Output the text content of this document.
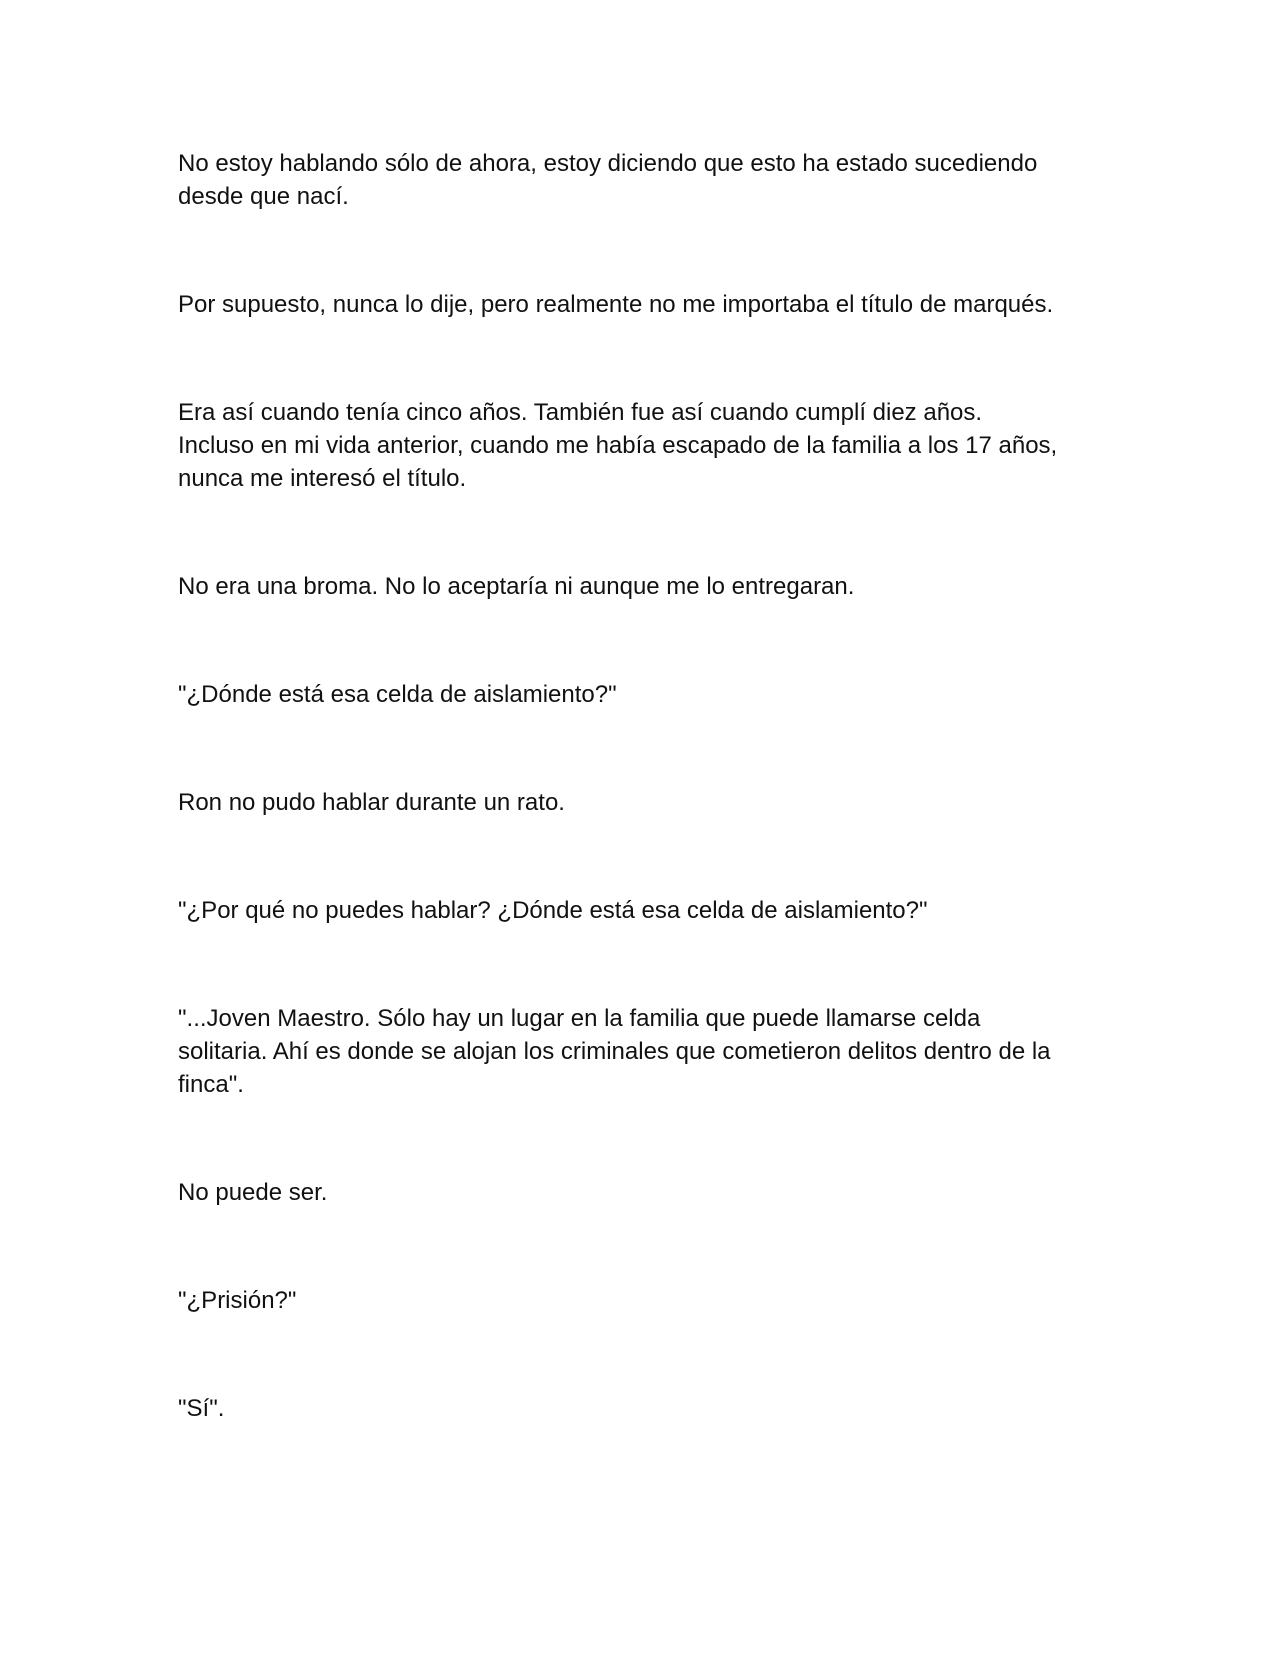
No estoy hablando sólo de ahora, estoy diciendo que esto ha estado sucediendo
desde que nací.

Por supuesto, nunca lo dije, pero realmente no me importaba el título de marqués.

Era así cuando tenía cinco años. También fue así cuando cumplí diez años.
Incluso en mi vida anterior, cuando me había escapado de la familia a los 17 años,
nunca me interesó el título.

No era una broma. No lo aceptaría ni aunque me lo entregaran.

"¿Dónde está esa celda de aislamiento?"

Ron no pudo hablar durante un rato.

"¿Por qué no puedes hablar? ¿Dónde está esa celda de aislamiento?"

"...Joven Maestro. Sólo hay un lugar en la familia que puede llamarse celda
solitaria. Ahí es donde se alojan los criminales que cometieron delitos dentro de la
finca".

No puede ser.

"¿Prisión?"

"Sí".
